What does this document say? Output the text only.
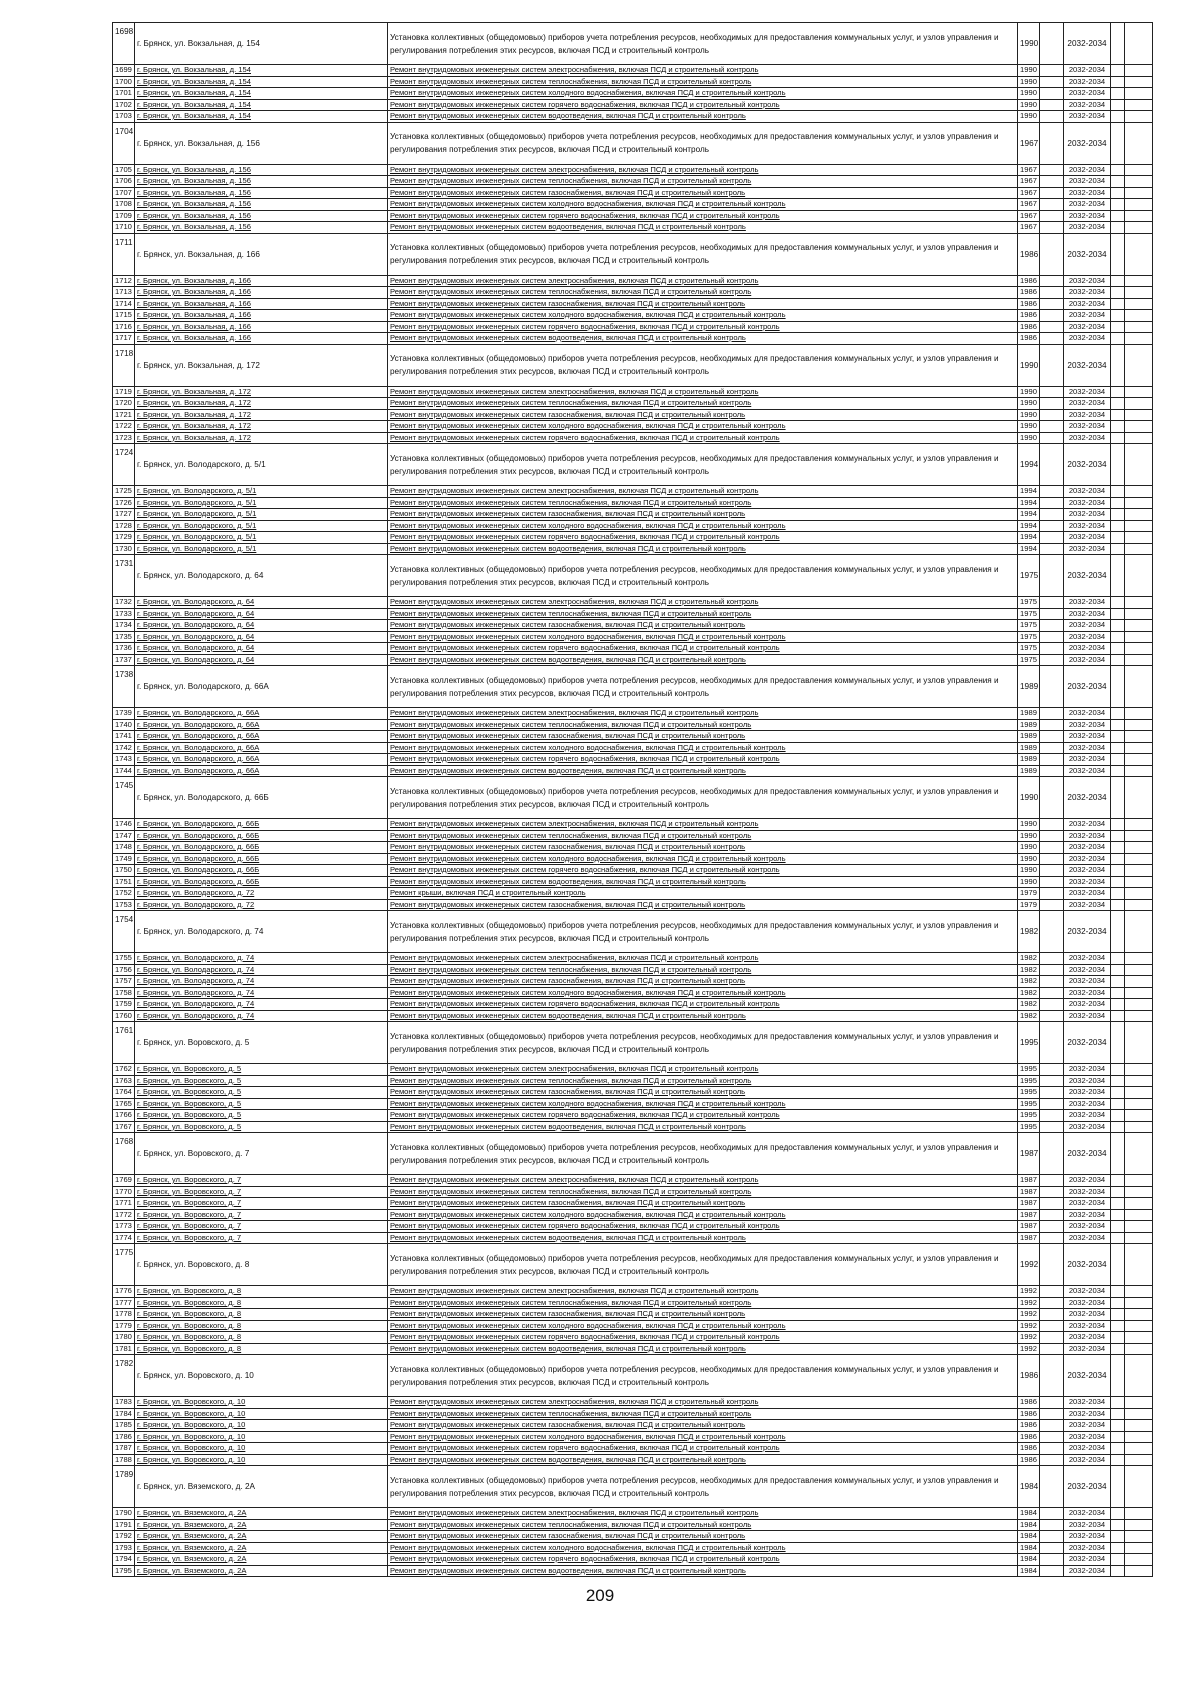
1698	г. Брянск, ул. Вокзальная, д. 154	Установка коллективных (общедомовых) приборов учета потребления ресурсов, необходимых для предоставления коммунальных услуг, и узлов управления и регулирования потребления этих ресурсов, включая ПСД и строительный контроль	1990		2032-2034		
1699	г. Брянск, ул. Вокзальная, д. 154	Ремонт внутридомовых инженерных систем электроснабжения, включая ПСД и строительный контроль	1990		2032-2034		
1700	г. Брянск, ул. Вокзальная, д. 154	Ремонт внутридомовых инженерных систем теплоснабжения, включая ПСД и строительный контроль	1990		2032-2034		
1701	г. Брянск, ул. Вокзальная, д. 154	Ремонт внутридомовых инженерных систем холодного водоснабжения, включая ПСД и строительный контроль	1990		2032-2034		
1702	г. Брянск, ул. Вокзальная, д. 154	Ремонт внутридомовых инженерных систем горячего водоснабжения, включая ПСД и строительный контроль	1990		2032-2034		
1703	г. Брянск, ул. Вокзальная, д. 154	Ремонт внутридомовых инженерных систем водоотведения, включая ПСД и строительный контроль	1990		2032-2034		
1704	г. Брянск, ул. Вокзальная, д. 156	Установка коллективных (общедомовых) приборов учета потребления ресурсов, необходимых для предоставления коммунальных услуг, и узлов управления и регулирования потребления этих ресурсов, включая ПСД и строительный контроль	1967		2032-2034		
1705	г. Брянск, ул. Вокзальная, д. 156	Ремонт внутридомовых инженерных систем электроснабжения, включая ПСД и строительный контроль	1967		2032-2034		
1706	г. Брянск, ул. Вокзальная, д. 156	Ремонт внутридомовых инженерных систем теплоснабжения, включая ПСД и строительный контроль	1967		2032-2034		
1707	г. Брянск, ул. Вокзальная, д. 156	Ремонт внутридомовых инженерных систем газоснабжения, включая ПСД и строительный контроль	1967		2032-2034		
1708	г. Брянск, ул. Вокзальная, д. 156	Ремонт внутридомовых инженерных систем холодного водоснабжения, включая ПСД и строительный контроль	1967		2032-2034		
1709	г. Брянск, ул. Вокзальная, д. 156	Ремонт внутридомовых инженерных систем горячего водоснабжения, включая ПСД и строительный контроль	1967		2032-2034		
1710	г. Брянск, ул. Вокзальная, д. 156	Ремонт внутридомовых инженерных систем водоотведения, включая ПСД и строительный контроль	1967		2032-2034		
1711	г. Брянск, ул. Вокзальная, д. 166	Установка коллективных (общедомовых) приборов учета потребления ресурсов, необходимых для предоставления коммунальных услуг, и узлов управления и регулирования потребления этих ресурсов, включая ПСД и строительный контроль	1986		2032-2034		
1712	г. Брянск, ул. Вокзальная, д. 166	Ремонт внутридомовых инженерных систем электроснабжения, включая ПСД и строительный контроль	1986		2032-2034		
1713	г. Брянск, ул. Вокзальная, д. 166	Ремонт внутридомовых инженерных систем теплоснабжения, включая ПСД и строительный контроль	1986		2032-2034		
1714	г. Брянск, ул. Вокзальная, д. 166	Ремонт внутридомовых инженерных систем газоснабжения, включая ПСД и строительный контроль	1986		2032-2034		
1715	г. Брянск, ул. Вокзальная, д. 166	Ремонт внутридомовых инженерных систем холодного водоснабжения, включая ПСД и строительный контроль	1986		2032-2034		
1716	г. Брянск, ул. Вокзальная, д. 166	Ремонт внутридомовых инженерных систем горячего водоснабжения, включая ПСД и строительный контроль	1986		2032-2034		
1717	г. Брянск, ул. Вокзальная, д. 166	Ремонт внутридомовых инженерных систем водоотведения, включая ПСД и строительный контроль	1986		2032-2034		
1718	г. Брянск, ул. Вокзальная, д. 172	Установка коллективных (общедомовых) приборов учета потребления ресурсов, необходимых для предоставления коммунальных услуг, и узлов управления и регулирования потребления этих ресурсов, включая ПСД и строительный контроль	1990		2032-2034		
1719	г. Брянск, ул. Вокзальная, д. 172	Ремонт внутридомовых инженерных систем электроснабжения, включая ПСД и строительный контроль	1990		2032-2034		
1720	г. Брянск, ул. Вокзальная, д. 172	Ремонт внутридомовых инженерных систем теплоснабжения, включая ПСД и строительный контроль	1990		2032-2034		
1721	г. Брянск, ул. Вокзальная, д. 172	Ремонт внутридомовых инженерных систем газоснабжения, включая ПСД и строительный контроль	1990		2032-2034		
1722	г. Брянск, ул. Вокзальная, д. 172	Ремонт внутридомовых инженерных систем холодного водоснабжения, включая ПСД и строительный контроль	1990		2032-2034		
1723	г. Брянск, ул. Вокзальная, д. 172	Ремонт внутридомовых инженерных систем горячего водоснабжения, включая ПСД и строительный контроль	1990		2032-2034		
1724	г. Брянск, ул. Володарского, д. 5/1	Установка коллективных (общедомовых) приборов учета потребления ресурсов, необходимых для предоставления коммунальных услуг, и узлов управления и регулирования потребления этих ресурсов, включая ПСД и строительный контроль	1994		2032-2034		
1725	г. Брянск, ул. Володарского, д. 5/1	Ремонт внутридомовых инженерных систем электроснабжения, включая ПСД и строительный контроль	1994		2032-2034		
1726	г. Брянск, ул. Володарского, д. 5/1	Ремонт внутридомовых инженерных систем теплоснабжения, включая ПСД и строительный контроль	1994		2032-2034		
1727	г. Брянск, ул. Володарского, д. 5/1	Ремонт внутридомовых инженерных систем газоснабжения, включая ПСД и строительный контроль	1994		2032-2034		
1728	г. Брянск, ул. Володарского, д. 5/1	Ремонт внутридомовых инженерных систем холодного водоснабжения, включая ПСД и строительный контроль	1994		2032-2034		
1729	г. Брянск, ул. Володарского, д. 5/1	Ремонт внутридомовых инженерных систем горячего водоснабжения, включая ПСД и строительный контроль	1994		2032-2034		
1730	г. Брянск, ул. Володарского, д. 5/1	Ремонт внутридомовых инженерных систем водоотведения, включая ПСД и строительный контроль	1994		2032-2034		
1731	г. Брянск, ул. Володарского, д. 64	Установка коллективных (общедомовых) приборов учета потребления ресурсов, необходимых для предоставления коммунальных услуг, и узлов управления и регулирования потребления этих ресурсов, включая ПСД и строительный контроль	1975		2032-2034		
1732	г. Брянск, ул. Володарского, д. 64	Ремонт внутридомовых инженерных систем электроснабжения, включая ПСД и строительный контроль	1975		2032-2034		
1733	г. Брянск, ул. Володарского, д. 64	Ремонт внутридомовых инженерных систем теплоснабжения, включая ПСД и строительный контроль	1975		2032-2034		
1734	г. Брянск, ул. Володарского, д. 64	Ремонт внутридомовых инженерных систем газоснабжения, включая ПСД и строительный контроль	1975		2032-2034		
1735	г. Брянск, ул. Володарского, д. 64	Ремонт внутридомовых инженерных систем холодного водоснабжения, включая ПСД и строительный контроль	1975		2032-2034		
1736	г. Брянск, ул. Володарского, д. 64	Ремонт внутридомовых инженерных систем горячего водоснабжения, включая ПСД и строительный контроль	1975		2032-2034		
1737	г. Брянск, ул. Володарского, д. 64	Ремонт внутридомовых инженерных систем водоотведения, включая ПСД и строительный контроль	1975		2032-2034		
1738	г. Брянск, ул. Володарского, д. 66А	Установка коллективных (общедомовых) приборов учета потребления ресурсов, необходимых для предоставления коммунальных услуг, и узлов управления и регулирования потребления этих ресурсов, включая ПСД и строительный контроль	1989		2032-2034		
1739	г. Брянск, ул. Володарского, д. 66А	Ремонт внутридомовых инженерных систем электроснабжения, включая ПСД и строительный контроль	1989		2032-2034		
1740	г. Брянск, ул. Володарского, д. 66А	Ремонт внутридомовых инженерных систем теплоснабжения, включая ПСД и строительный контроль	1989		2032-2034		
1741	г. Брянск, ул. Володарского, д. 66А	Ремонт внутридомовых инженерных систем газоснабжения, включая ПСД и строительный контроль	1989		2032-2034		
1742	г. Брянск, ул. Володарского, д. 66А	Ремонт внутридомовых инженерных систем холодного водоснабжения, включая ПСД и строительный контроль	1989		2032-2034		
1743	г. Брянск, ул. Володарского, д. 66А	Ремонт внутридомовых инженерных систем горячего водоснабжения, включая ПСД и строительный контроль	1989		2032-2034		
1744	г. Брянск, ул. Володарского, д. 66А	Ремонт внутридомовых инженерных систем водоотведения, включая ПСД и строительный контроль	1989		2032-2034		
1745	г. Брянск, ул. Володарского, д. 66Б	Установка коллективных (общедомовых) приборов учета потребления ресурсов, необходимых для предоставления коммунальных услуг, и узлов управления и регулирования потребления этих ресурсов, включая ПСД и строительный контроль	1990		2032-2034		
1746	г. Брянск, ул. Володарского, д. 66Б	Ремонт внутридомовых инженерных систем электроснабжения, включая ПСД и строительный контроль	1990		2032-2034		
1747	г. Брянск, ул. Володарского, д. 66Б	Ремонт внутридомовых инженерных систем теплоснабжения, включая ПСД и строительный контроль	1990		2032-2034		
1748	г. Брянск, ул. Володарского, д. 66Б	Ремонт внутридомовых инженерных систем газоснабжения, включая ПСД и строительный контроль	1990		2032-2034		
1749	г. Брянск, ул. Володарского, д. 66Б	Ремонт внутридомовых инженерных систем холодного водоснабжения, включая ПСД и строительный контроль	1990		2032-2034		
1750	г. Брянск, ул. Володарского, д. 66Б	Ремонт внутридомовых инженерных систем горячего водоснабжения, включая ПСД и строительный контроль	1990		2032-2034		
1751	г. Брянск, ул. Володарского, д. 66Б	Ремонт внутридомовых инженерных систем водоотведения, включая ПСД и строительный контроль	1990		2032-2034		
1752	г. Брянск, ул. Володарского, д. 72	Ремонт крыши, включая ПСД и строительный контроль	1979		2032-2034		
1753	г. Брянск, ул. Володарского, д. 72	Ремонт внутридомовых инженерных систем газоснабжения, включая ПСД и строительный контроль	1979		2032-2034		
1754	г. Брянск, ул. Володарского, д. 74	Установка коллективных (общедомовых) приборов учета потребления ресурсов, необходимых для предоставления коммунальных услуг, и узлов управления и регулирования потребления этих ресурсов, включая ПСД и строительный контроль	1982		2032-2034		
1755	г. Брянск, ул. Володарского, д. 74	Ремонт внутридомовых инженерных систем электроснабжения, включая ПСД и строительный контроль	1982		2032-2034		
1756	г. Брянск, ул. Володарского, д. 74	Ремонт внутридомовых инженерных систем теплоснабжения, включая ПСД и строительный контроль	1982		2032-2034		
1757	г. Брянск, ул. Володарского, д. 74	Ремонт внутридомовых инженерных систем газоснабжения, включая ПСД и строительный контроль	1982		2032-2034		
1758	г. Брянск, ул. Володарского, д. 74	Ремонт внутридомовых инженерных систем холодного водоснабжения, включая ПСД и строительный контроль	1982		2032-2034		
1759	г. Брянск, ул. Володарского, д. 74	Ремонт внутридомовых инженерных систем горячего водоснабжения, включая ПСД и строительный контроль	1982		2032-2034		
1760	г. Брянск, ул. Володарского, д. 74	Ремонт внутридомовых инженерных систем водоотведения, включая ПСД и строительный контроль	1982		2032-2034		
1761	г. Брянск, ул. Воровского, д. 5	Установка коллективных (общедомовых) приборов учета потребления ресурсов, необходимых для предоставления коммунальных услуг, и узлов управления и регулирования потребления этих ресурсов, включая ПСД и строительный контроль	1995		2032-2034		
1762	г. Брянск, ул. Воровского, д. 5	Ремонт внутридомовых инженерных систем электроснабжения, включая ПСД и строительный контроль	1995		2032-2034		
1763	г. Брянск, ул. Воровского, д. 5	Ремонт внутридомовых инженерных систем теплоснабжения, включая ПСД и строительный контроль	1995		2032-2034		
1764	г. Брянск, ул. Воровского, д. 5	Ремонт внутридомовых инженерных систем газоснабжения, включая ПСД и строительный контроль	1995		2032-2034		
1765	г. Брянск, ул. Воровского, д. 5	Ремонт внутридомовых инженерных систем холодного водоснабжения, включая ПСД и строительный контроль	1995		2032-2034		
1766	г. Брянск, ул. Воровского, д. 5	Ремонт внутридомовых инженерных систем горячего водоснабжения, включая ПСД и строительный контроль	1995		2032-2034		
1767	г. Брянск, ул. Воровского, д. 5	Ремонт внутридомовых инженерных систем водоотведения, включая ПСД и строительный контроль	1995		2032-2034		
1768	г. Брянск, ул. Воровского, д. 7	Установка коллективных (общедомовых) приборов учета потребления ресурсов, необходимых для предоставления коммунальных услуг, и узлов управления и регулирования потребления этих ресурсов, включая ПСД и строительный контроль	1987		2032-2034		
1769	г. Брянск, ул. Воровского, д. 7	Ремонт внутридомовых инженерных систем электроснабжения, включая ПСД и строительный контроль	1987		2032-2034		
1770	г. Брянск, ул. Воровского, д. 7	Ремонт внутридомовых инженерных систем теплоснабжения, включая ПСД и строительный контроль	1987		2032-2034		
1771	г. Брянск, ул. Воровского, д. 7	Ремонт внутридомовых инженерных систем газоснабжения, включая ПСД и строительный контроль	1987		2032-2034		
1772	г. Брянск, ул. Воровского, д. 7	Ремонт внутридомовых инженерных систем холодного водоснабжения, включая ПСД и строительный контроль	1987		2032-2034		
1773	г. Брянск, ул. Воровского, д. 7	Ремонт внутридомовых инженерных систем горячего водоснабжения, включая ПСД и строительный контроль	1987		2032-2034		
1774	г. Брянск, ул. Воровского, д. 7	Ремонт внутридомовых инженерных систем водоотведения, включая ПСД и строительный контроль	1987		2032-2034		
1775	г. Брянск, ул. Воровского, д. 8	Установка коллективных (общедомовых) приборов учета потребления ресурсов, необходимых для предоставления коммунальных услуг, и узлов управления и регулирования потребления этих ресурсов, включая ПСД и строительный контроль	1992		2032-2034		
1776	г. Брянск, ул. Воровского, д. 8	Ремонт внутридомовых инженерных систем электроснабжения, включая ПСД и строительный контроль	1992		2032-2034		
1777	г. Брянск, ул. Воровского, д. 8	Ремонт внутридомовых инженерных систем теплоснабжения, включая ПСД и строительный контроль	1992		2032-2034		
1778	г. Брянск, ул. Воровского, д. 8	Ремонт внутридомовых инженерных систем газоснабжения, включая ПСД и строительный контроль	1992		2032-2034		
1779	г. Брянск, ул. Воровского, д. 8	Ремонт внутридомовых инженерных систем холодного водоснабжения, включая ПСД и строительный контроль	1992		2032-2034		
1780	г. Брянск, ул. Воровского, д. 8	Ремонт внутридомовых инженерных систем горячего водоснабжения, включая ПСД и строительный контроль	1992		2032-2034		
1781	г. Брянск, ул. Воровского, д. 8	Ремонт внутридомовых инженерных систем водоотведения, включая ПСД и строительный контроль	1992		2032-2034		
1782	г. Брянск, ул. Воровского, д. 10	Установка коллективных (общедомовых) приборов учета потребления ресурсов, необходимых для предоставления коммунальных услуг, и узлов управления и регулирования потребления этих ресурсов, включая ПСД и строительный контроль	1986		2032-2034		
1783	г. Брянск, ул. Воровского, д. 10	Ремонт внутридомовых инженерных систем электроснабжения, включая ПСД и строительный контроль	1986		2032-2034		
1784	г. Брянск, ул. Воровского, д. 10	Ремонт внутридомовых инженерных систем теплоснабжения, включая ПСД и строительный контроль	1986		2032-2034		
1785	г. Брянск, ул. Воровского, д. 10	Ремонт внутридомовых инженерных систем газоснабжения, включая ПСД и строительный контроль	1986		2032-2034		
1786	г. Брянск, ул. Воровского, д. 10	Ремонт внутридомовых инженерных систем холодного водоснабжения, включая ПСД и строительный контроль	1986		2032-2034		
1787	г. Брянск, ул. Воровского, д. 10	Ремонт внутридомовых инженерных систем горячего водоснабжения, включая ПСД и строительный контроль	1986		2032-2034		
1788	г. Брянск, ул. Воровского, д. 10	Ремонт внутридомовых инженерных систем водоотведения, включая ПСД и строительный контроль	1986		2032-2034		
1789	г. Брянск, ул. Вяземского, д. 2А	Установка коллективных (общедомовых) приборов учета потребления ресурсов, необходимых для предоставления коммунальных услуг, и узлов управления и регулирования потребления этих ресурсов, включая ПСД и строительный контроль	1984		2032-2034		
1790	г. Брянск, ул. Вяземского, д. 2А	Ремонт внутридомовых инженерных систем электроснабжения, включая ПСД и строительный контроль	1984		2032-2034		
1791	г. Брянск, ул. Вяземского, д. 2А	Ремонт внутридомовых инженерных систем теплоснабжения, включая ПСД и строительный контроль	1984		2032-2034		
1792	г. Брянск, ул. Вяземского, д. 2А	Ремонт внутридомовых инженерных систем газоснабжения, включая ПСД и строительный контроль	1984		2032-2034		
1793	г. Брянск, ул. Вяземского, д. 2А	Ремонт внутридомовых инженерных систем холодного водоснабжения, включая ПСД и строительный контроль	1984		2032-2034		
1794	г. Брянск, ул. Вяземского, д. 2А	Ремонт внутридомовых инженерных систем горячего водоснабжения, включая ПСД и строительный контроль	1984		2032-2034		
1795	г. Брянск, ул. Вяземского, д. 2А	Ремонт внутридомовых инженерных систем водоотведения, включая ПСД и строительный контроль	1984		2032-2034		
209
